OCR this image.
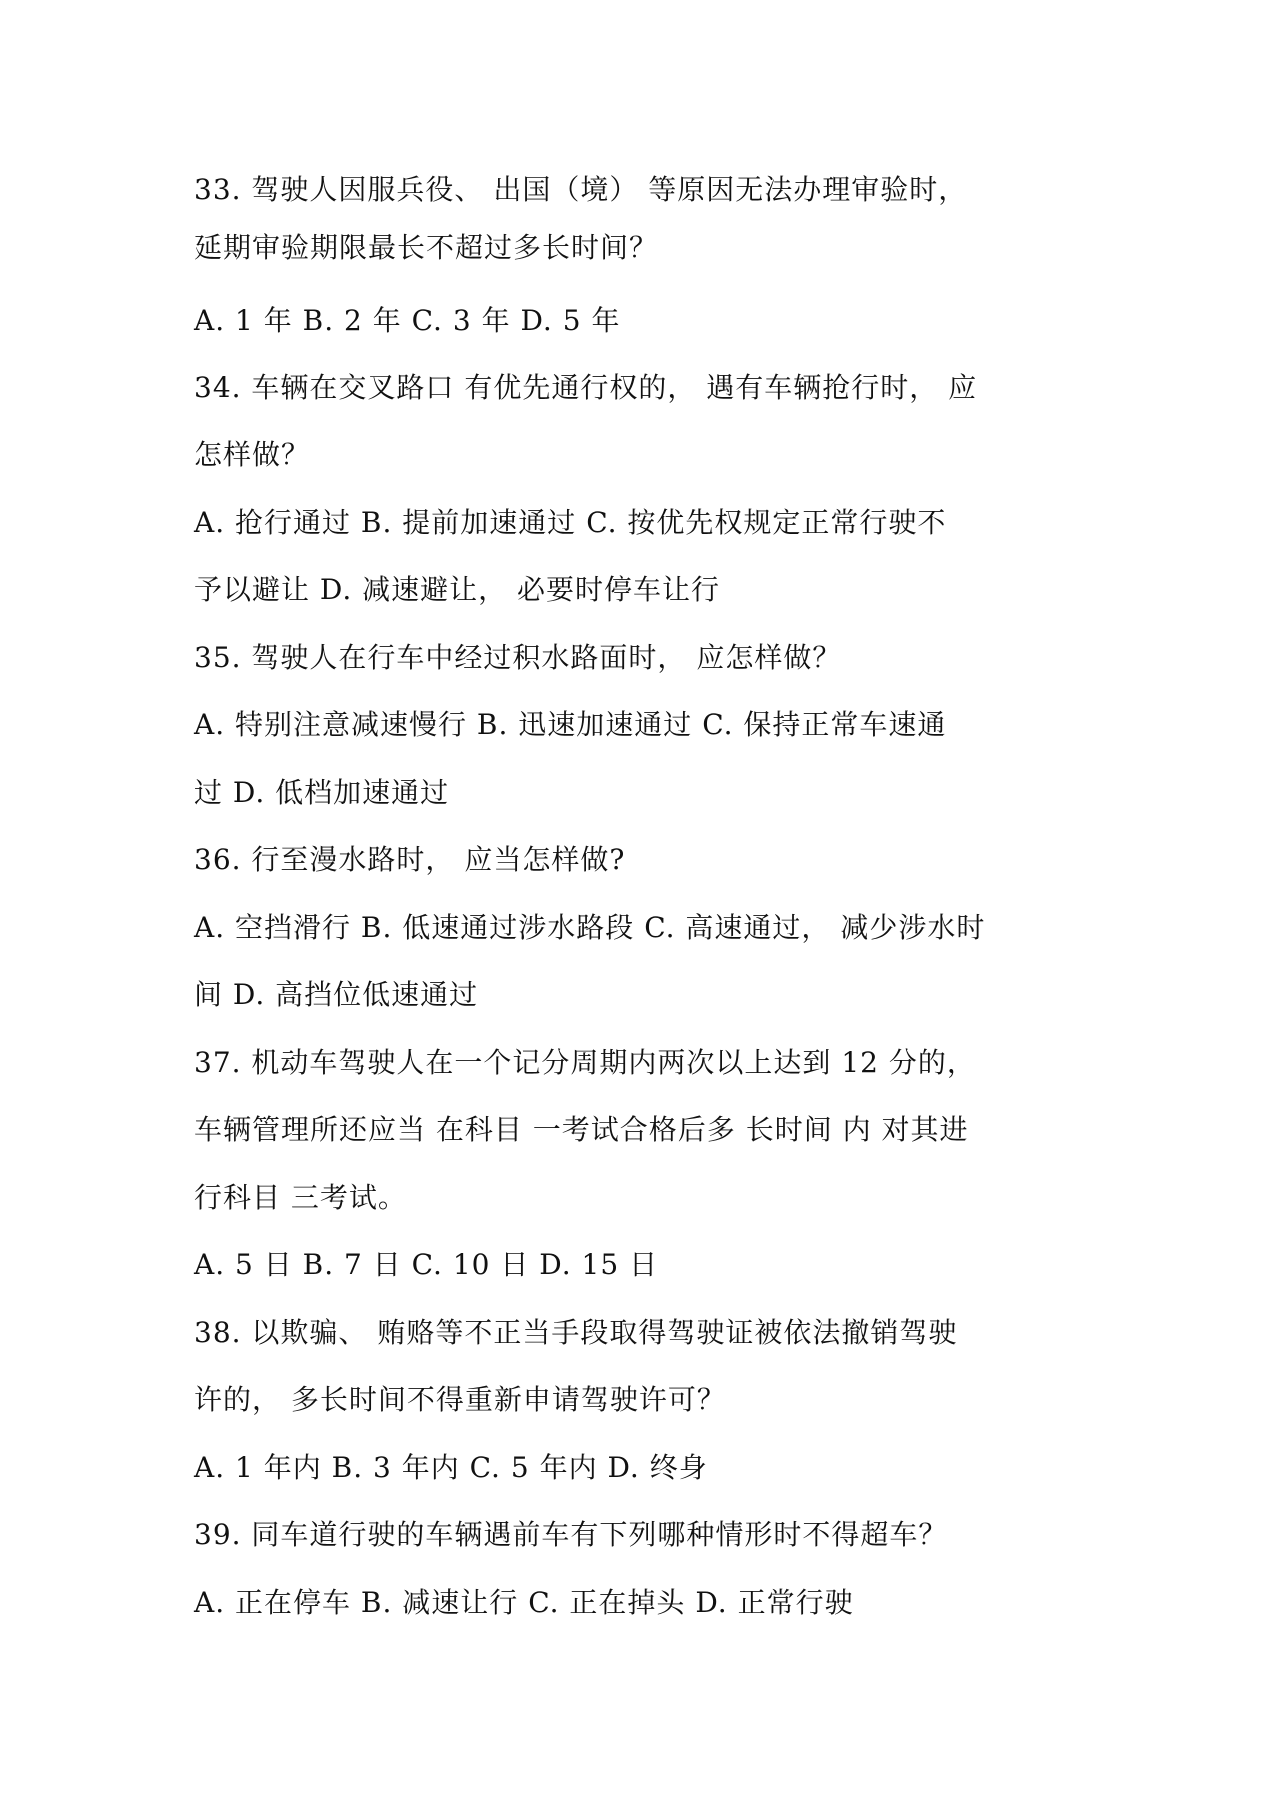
33. 驾驶人因服兵役、 出国（境） 等原因无法办理审验时，
延期审验期限最长不超过多长时间？
A. 1 年 B. 2 年 C. 3 年 D. 5 年
34. 车辆在交叉路口 有优先通行权的， 遇有车辆抢行时， 应
怎样做？
A. 抢行通过 B. 提前加速通过 C. 按优先权规定正常行驶不
予以避让 D. 减速避让， 必要时停车让行
35. 驾驶人在行车中经过积水路面时， 应怎样做？
A. 特别注意减速慢行 B. 迅速加速通过 C. 保持正常车速通
过 D. 低档加速通过
36. 行至漫水路时， 应当怎样做?
A. 空挡滑行 B. 低速通过涉水路段 C. 高速通过， 减少涉水时
间 D. 高挡位低速通过
37. 机动车驾驶人在一个记分周期内两次以上达到 12 分的，
车辆管理所还应当 在科目 一考试合格后多 长时间 内 对其进
行科目 三考试。
A. 5 日 B. 7 日 C. 10 日 D. 15 日
38. 以欺骗、 贿赂等不正当手段取得驾驶证被依法撤销驾驶
许的， 多长时间不得重新申请驾驶许可？
A. 1 年内 B. 3 年内 C. 5 年内 D. 终身
39. 同车道行驶的车辆遇前车有下列哪种情形时不得超车？
A. 正在停车 B. 减速让行 C. 正在掉头 D. 正常行驶
